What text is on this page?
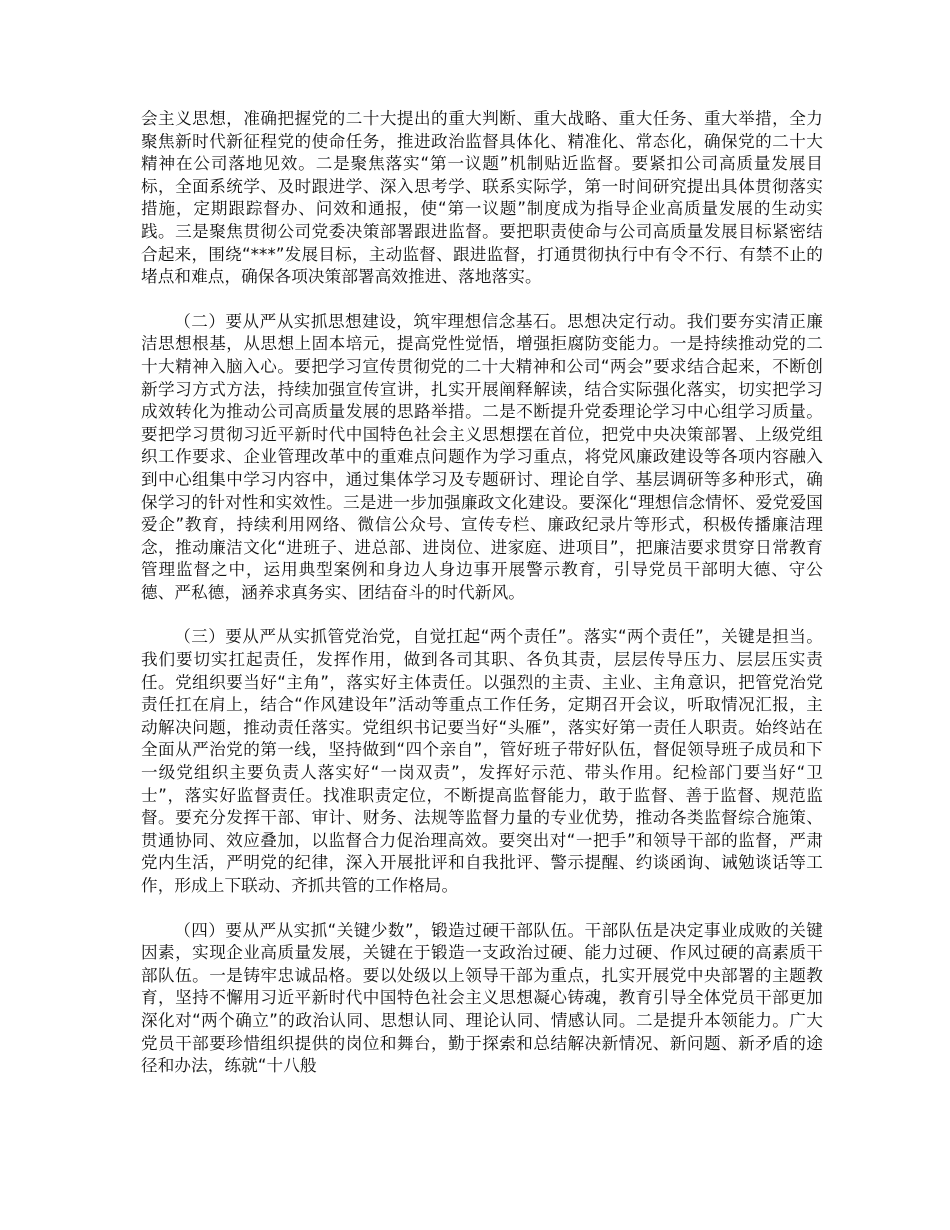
会主义思想，准确把握党的二十大提出的重大判断、重大战略、重大任务、重大举措，全力聚焦新时代新征程党的使命任务，推进政治监督具体化、精准化、常态化，确保党的二十大精神在公司落地见效。二是聚焦落实“第一议题”机制贴近监督。要紧扣公司高质量发展目标，全面系统学、及时跟进学、深入思考学、联系实际学，第一时间研究提出具体贯彻落实措施，定期跟踪督办、问效和通报，使“第一议题”制度成为指导企业高质量发展的生动实践。三是聚焦贯彻公司党委决策部署跟进监督。要把职责使命与公司高质量发展目标紧密结合起来，围绕“***”发展目标，主动监督、跟进监督，打通贯彻执行中有令不行、有禁不止的堵点和难点，确保各项决策部署高效推进、落地落实。

（二）要从严从实抓思想建设，筑牢理想信念基石。思想决定行动。我们要夯实清正廉洁思想根基，从思想上固本培元，提高党性觉悟，增强拒腐防变能力。一是持续推动党的二十大精神入脑入心。要把学习宣传贯彻党的二十大精神和公司“两会”要求结合起来，不断创新学习方式方法，持续加强宣传宣讲，扎实开展阐释解读，结合实际强化落实，切实把学习成效转化为推动公司高质量发展的思路举措。二是不断提升党委理论学习中心组学习质量。要把学习贯彻习近平新时代中国特色社会主义思想摆在首位，把党中央决策部署、上级党组织工作要求、企业管理改革中的重难点问题作为学习重点，将党风廉政建设等各项内容融入到中心组集中学习内容中，通过集体学习及专题研讨、理论自学、基层调研等多种形式，确保学习的针对性和实效性。三是进一步加强廉政文化建设。要深化“理想信念情怀、爱党爱国爱企”教育，持续利用网络、微信公众号、宣传专栏、廉政纪录片等形式，积极传播廉洁理念，推动廉洁文化“进班子、进总部、进岗位、进家庭、进项目”，把廉洁要求贯穿日常教育管理监督之中，运用典型案例和身边人身边事开展警示教育，引导党员干部明大德、守公德、严私德，涵养求真务实、团结奋斗的时代新风。

（三）要从严从实抓管党治党，自觉扛起“两个责任”。落实“两个责任”，关键是担当。我们要切实扛起责任，发挥作用，做到各司其职、各负其责，层层传导压力、层层压实责任。党组织要当好“主角”，落实好主体责任。以强烈的主责、主业、主角意识，把管党治党责任扛在肩上，结合“作风建设年”活动等重点工作任务，定期召开会议，听取情况汇报，主动解决问题，推动责任落实。党组织书记要当好“头雁”，落实好第一责任人职责。始终站在全面从严治党的第一线，坚持做到“四个亲自”，管好班子带好队伍，督促领导班子成员和下一级党组织主要负责人落实好“一岗双责”，发挥好示范、带头作用。纪检部门要当好“卫士”，落实好监督责任。找准职责定位，不断提高监督能力，敢于监督、善于监督、规范监督。要充分发挥干部、审计、财务、法规等监督力量的专业优势，推动各类监督综合施策、贯通协同、效应叠加，以监督合力促治理高效。要突出对“一把手”和领导干部的监督，严肃党内生活，严明党的纪律，深入开展批评和自我批评、警示提醒、约谈函询、诫勉谈话等工作，形成上下联动、齐抓共管的工作格局。

（四）要从严从实抓“关键少数”，锻造过硬干部队伍。干部队伍是决定事业成败的关键因素，实现企业高质量发展，关键在于锻造一支政治过硬、能力过硬、作风过硬的高素质干部队伍。一是铸牢忠诚品格。要以处级以上领导干部为重点，扎实开展党中央部署的主题教育，坚持不懈用习近平新时代中国特色社会主义思想凝心铸魂，教育引导全体党员干部更加深化对“两个确立”的政治认同、思想认同、理论认同、情感认同。二是提升本领能力。广大党员干部要珍惜组织提供的岗位和舞台，勤于探索和总结解决新情况、新问题、新矛盾的途径和办法，练就“十八般
